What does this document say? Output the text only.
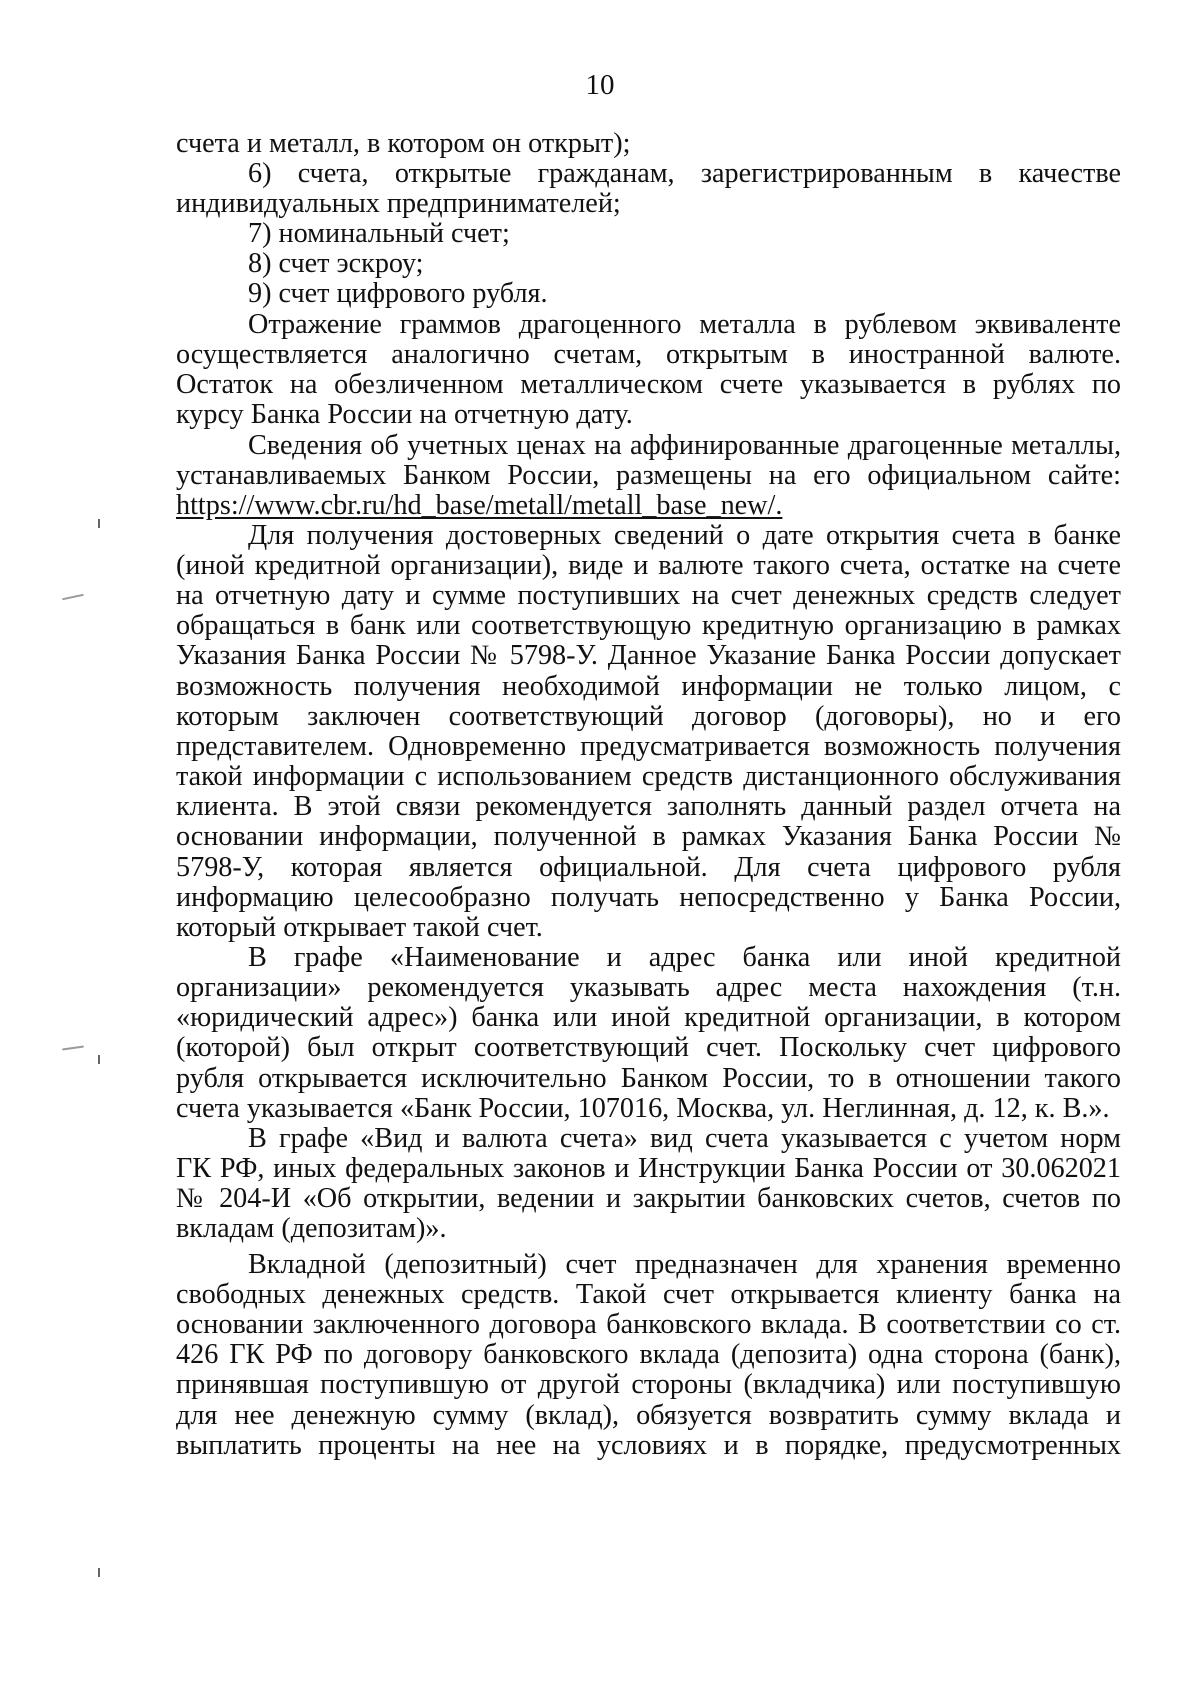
10
счета и металл, в котором он открыт);
6) счета, открытые гражданам, зарегистрированным в качестве
индивидуальных предпринимателей;
7) номинальный счет;
8) счет эскроу;
9) счет цифрового рубля.
Отражение граммов драгоценного металла в рублевом эквиваленте
осуществляется аналогично счетам, открытым в иностранной валюте.
Остаток на обезличенном металлическом счете указывается в рублях по
курсу Банка России на отчетную дату.
Сведения об учетных ценах на аффинированные драгоценные металлы,
устанавливаемых Банком России, размещены на его официальном сайте:
https://www.cbr.ru/hd_base/metall/metall_base_new/.
Для получения достоверных сведений о дате открытия счета в банке
(иной кредитной организации), виде и валюте такого счета, остатке на счете
на отчетную дату и сумме поступивших на счет денежных средств следует
обращаться в банк или соответствующую кредитную организацию в рамках
Указания Банка России № 5798-У. Данное Указание Банка России допускает
возможность получения необходимой информации не только лицом, с
которым заключен соответствующий договор (договоры), но и его
представителем. Одновременно предусматривается возможность получения
такой информации с использованием средств дистанционного обслуживания
клиента. В этой связи рекомендуется заполнять данный раздел отчета на
основании информации, полученной в рамках Указания Банка России №
5798-У, которая является официальной. Для счета цифрового рубля
информацию целесообразно получать непосредственно у Банка России,
который открывает такой счет.
В графе «Наименование и адрес банка или иной кредитной
организации» рекомендуется указывать адрес места нахождения (т.н.
«юридический адрес») банка или иной кредитной организации, в котором
(которой) был открыт соответствующий счет. Поскольку счет цифрового
рубля открывается исключительно Банком России, то в отношении такого
счета указывается «Банк России, 107016, Москва, ул. Неглинная, д. 12, к. В.».
В графе «Вид и валюта счета» вид счета указывается с учетом норм
ГК РФ, иных федеральных законов и Инструкции Банка России от 30.062021
№ 204-И «Об открытии, ведении и закрытии банковских счетов, счетов по
вкладам (депозитам)».
Вкладной (депозитный) счет предназначен для хранения временно
свободных денежных средств. Такой счет открывается клиенту банка на
основании заключенного договора банковского вклада. В соответствии со ст.
426 ГК РФ по договору банковского вклада (депозита) одна сторона (банк),
принявшая поступившую от другой стороны (вкладчика) или поступившую
для нее денежную сумму (вклад), обязуется возвратить сумму вклада и
выплатить проценты на нее на условиях и в порядке, предусмотренных
